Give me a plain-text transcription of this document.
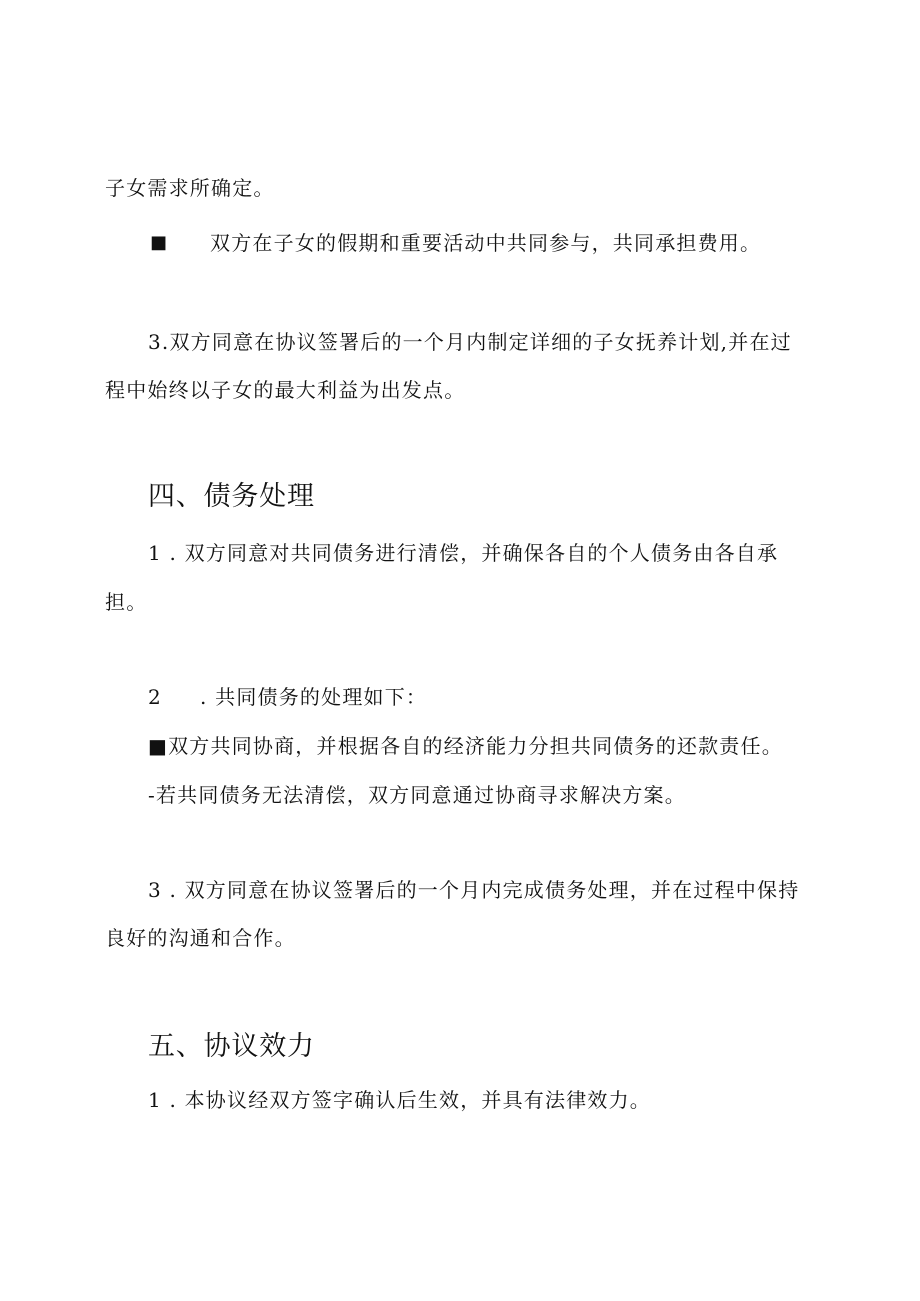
子女需求所确定。
■ 双方在子女的假期和重要活动中共同参与，共同承担费用。
3.双方同意在协议签署后的一个月内制定详细的子女抚养计划,并在过
程中始终以子女的最大利益为出发点。
四、债务处理
1 . 双方同意对共同债务进行清偿，并确保各自的个人债务由各自承
担。
2 . 共同债务的处理如下：
■双方共同协商，并根据各自的经济能力分担共同债务的还款责任。
-若共同债务无法清偿，双方同意通过协商寻求解决方案。
3 . 双方同意在协议签署后的一个月内完成债务处理，并在过程中保持
良好的沟通和合作。
五、协议效力
1 . 本协议经双方签字确认后生效，并具有法律效力。
